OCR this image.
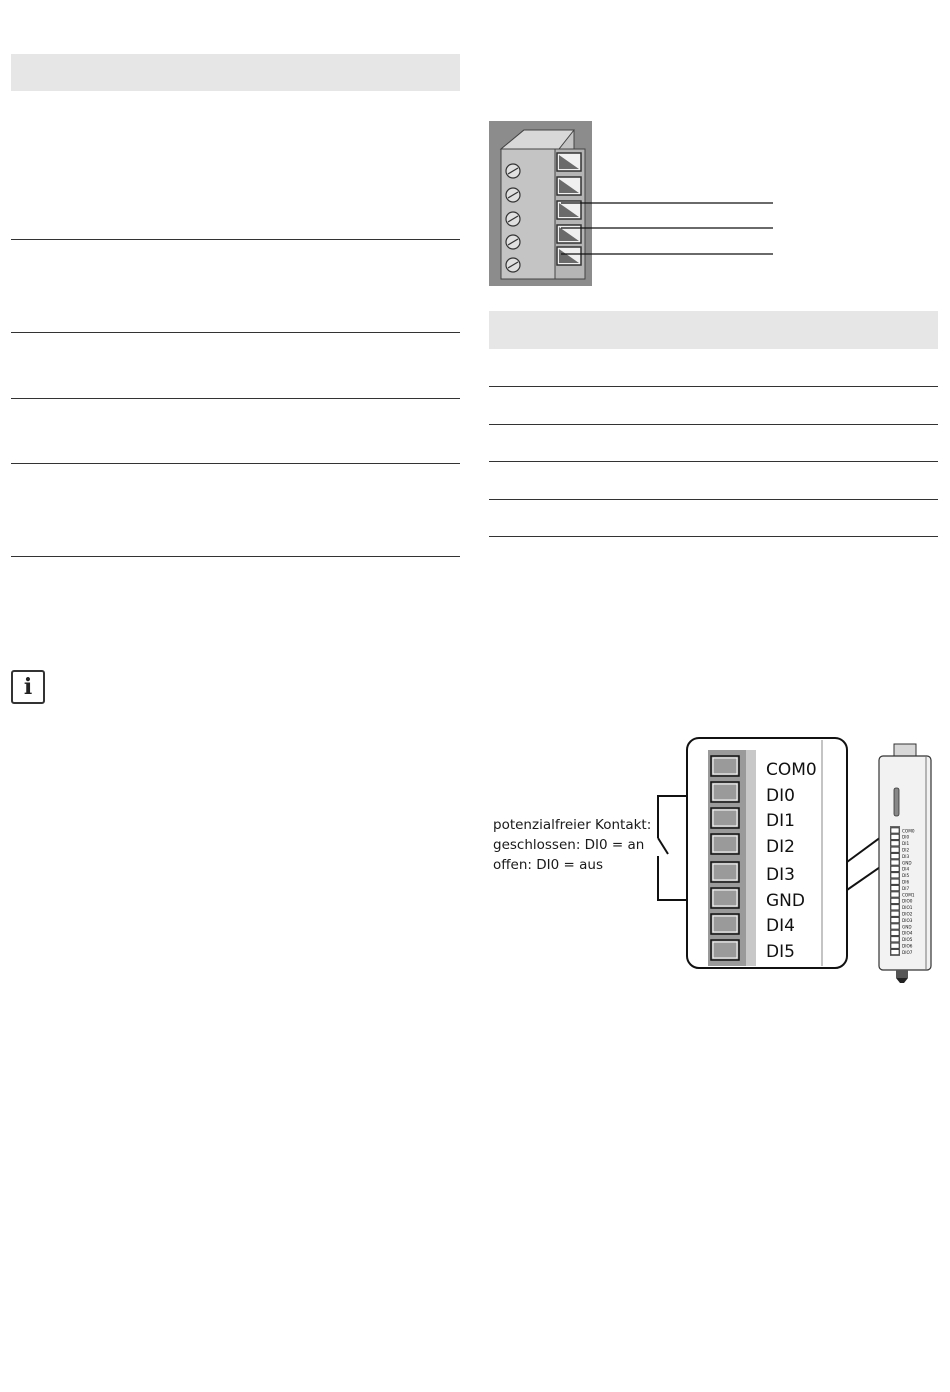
i
potenzialfreier Kontakt:
geschlossen: DI0 = an
offen: DI0 = aus
COM0
DI0
DI1
DI2
DI3
GND
DI4
DI5
COM0
DI0
DI1
DI2
DI3
GND
DI4
DI5
DI6
DI7
COM1
DIO0
DIO1
DIO2
DIO3
GND
DIO4
DIO5
DIO6
DIO7
